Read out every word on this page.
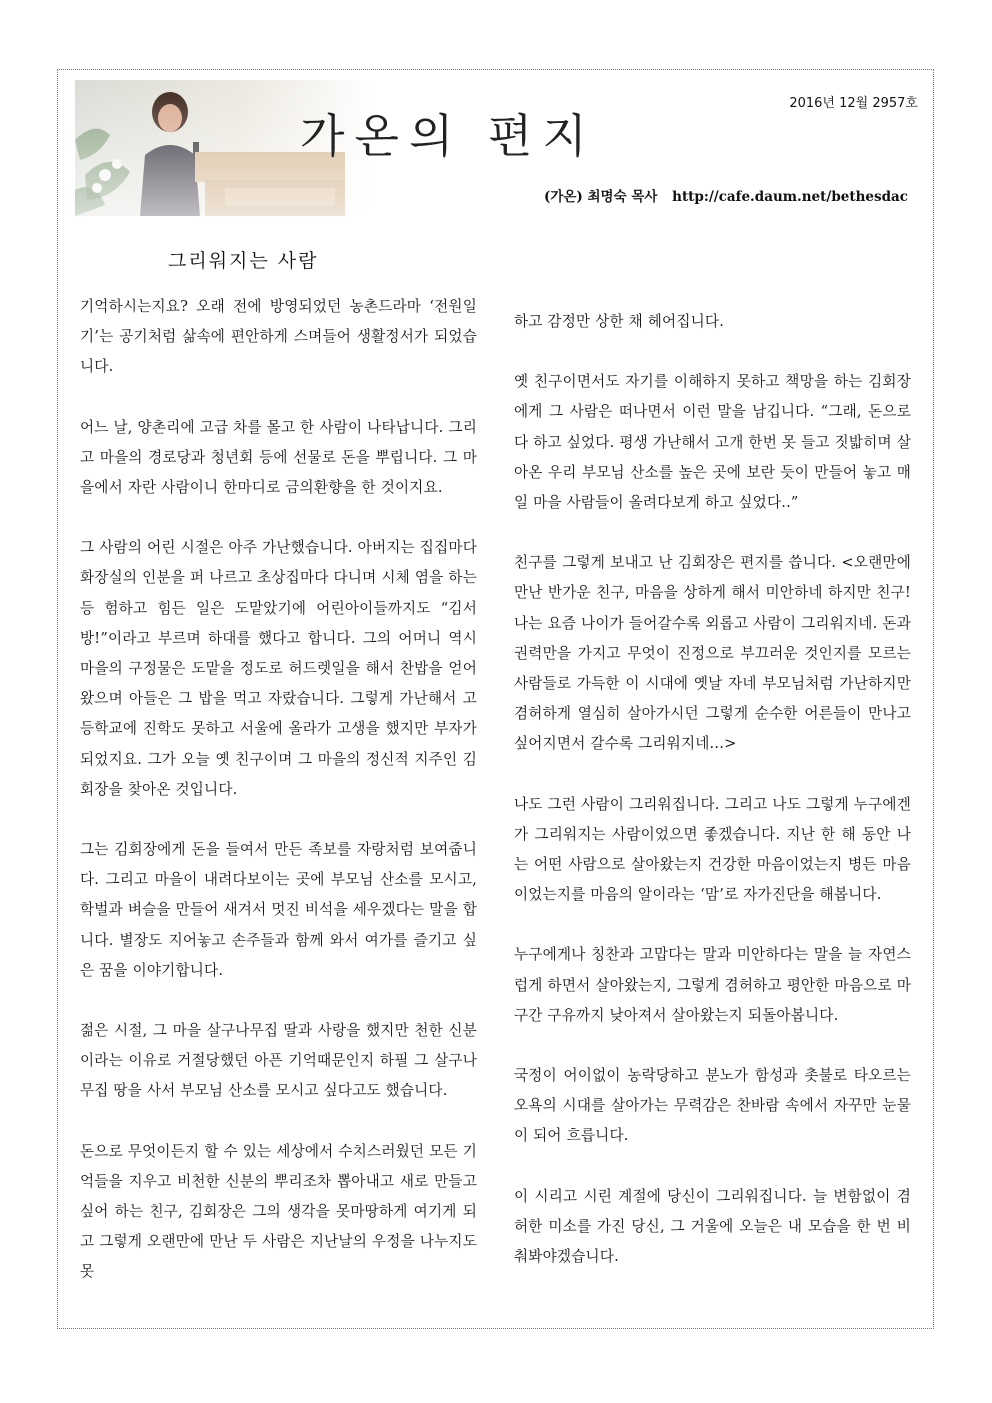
가온의 편지
2016년 12월 2957호
(가온) 최명숙 목사 http://cafe.daum.net/bethesdac
그리워지는 사람

기억하시는지요? 오래 전에 방영되었던 농촌드라마 ‘전원일기’는 공기처럼 삶속에 편안하게 스며들어 생활정서가 되었습니다.

어느 날, 양촌리에 고급 차를 몰고 한 사람이 나타납니다. 그리고 마을의 경로당과 청년회 등에 선물로 돈을 뿌립니다. 그 마을에서 자란 사람이니 한마디로 금의환향을 한 것이지요.

그 사람의 어린 시절은 아주 가난했습니다. 아버지는 집집마다 화장실의 인분을 퍼 나르고 초상집마다 다니며 시체 염을 하는 등 험하고 힘든 일은 도맡았기에 어린아이들까지도 “김서방!”이라고 부르며 하대를 했다고 합니다. 그의 어머니 역시 마을의 구정물은 도맡을 정도로 허드렛일을 해서 찬밥을 얻어왔으며 아들은 그 밥을 먹고 자랐습니다. 그렇게 가난해서 고등학교에 진학도 못하고 서울에 올라가 고생을 했지만 부자가 되었지요. 그가 오늘 옛 친구이며 그 마을의 정신적 지주인 김회장을 찾아온 것입니다.

그는 김회장에게 돈을 들여서 만든 족보를 자랑처럼 보여줍니다. 그리고 마을이 내려다보이는 곳에 부모님 산소를 모시고, 학벌과 벼슬을 만들어 새겨서 멋진 비석을 세우겠다는 말을 합니다. 별장도 지어놓고 손주들과 함께 와서 여가를 즐기고 싶은 꿈을 이야기합니다.

젊은 시절, 그 마을 살구나무집 딸과 사랑을 했지만 천한 신분이라는 이유로 거절당했던 아픈 기억때문인지 하필 그 살구나무집 땅을 사서 부모님 산소를 모시고 싶다고도 했습니다.

돈으로 무엇이든지 할 수 있는 세상에서 수치스러웠던 모든 기억들을 지우고 비천한 신분의 뿌리조차 뽑아내고 새로 만들고 싶어 하는 친구, 김회장은 그의 생각을 못마땅하게 여기게 되고 그렇게 오랜만에 만난 두 사람은 지난날의 우정을 나누지도 못

하고 감정만 상한 채 헤어집니다.

옛 친구이면서도 자기를 이해하지 못하고 책망을 하는 김회장에게 그 사람은 떠나면서 이런 말을 남깁니다. “그래, 돈으로 다 하고 싶었다. 평생 가난해서 고개 한번 못 들고 짓밟히며 살아온 우리 부모님 산소를 높은 곳에 보란 듯이 만들어 놓고 매일 마을 사람들이 올려다보게 하고 싶었다..”

친구를 그렇게 보내고 난 김회장은 편지를 씁니다. <오랜만에 만난 반가운 친구, 마음을 상하게 해서 미안하네 하지만 친구! 나는 요즘 나이가 들어갈수록 외롭고 사람이 그리워지네. 돈과 권력만을 가지고 무엇이 진정으로 부끄러운 것인지를 모르는 사람들로 가득한 이 시대에 옛날 자네 부모님처럼 가난하지만 겸허하게 열심히 살아가시던 그렇게 순수한 어른들이 만나고 싶어지면서 갈수록 그리워지네...>

나도 그런 사람이 그리워집니다. 그리고 나도 그렇게 누구에겐가 그리워지는 사람이었으면 좋겠습니다. 지난 한 해 동안 나는 어떤 사람으로 살아왔는지 건강한 마음이었는지 병든 마음이었는지를 마음의 알이라는 ‘맘’로 자가진단을 해봅니다.

누구에게나 칭찬과 고맙다는 말과 미안하다는 말을 늘 자연스럽게 하면서 살아왔는지, 그렇게 겸허하고 평안한 마음으로 마구간 구유까지 낮아져서 살아왔는지 되돌아봅니다.

국정이 어이없이 농락당하고 분노가 함성과 촛불로 타오르는 오욕의 시대를 살아가는 무력감은 찬바람 속에서 자꾸만 눈물이 되어 흐릅니다.

이 시리고 시린 계절에 당신이 그리워집니다. 늘 변함없이 겸허한 미소를 가진 당신, 그 거울에 오늘은 내 모습을 한 번 비춰봐야겠습니다.
